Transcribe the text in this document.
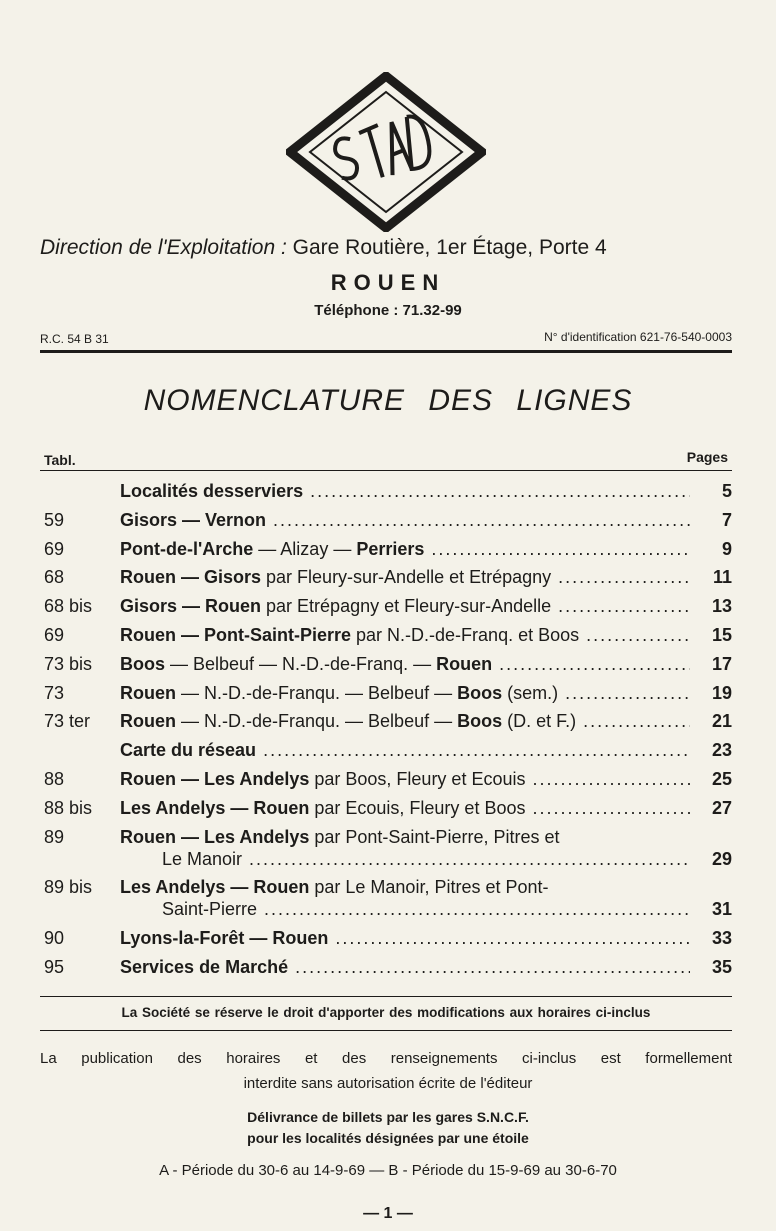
Direction de l'Exploitation : Gare Routière, 1er Étage, Porte 4
ROUEN
Téléphone : 71.32-99
R.C. 54 B 31	N° d'identification 621-76-540-0003
NOMENCLATURE DES LIGNES
Tabl.	Pages
Localités desserviers .....	5
59	Gisors — Vernon .....	7
69	Pont-de-l'Arche — Alizay — Perriers .....	9
68	Rouen — Gisors par Fleury-sur-Andelle et Etrépagny .....	11
68 bis	Gisors — Rouen par Etrépagny et Fleury-sur-Andelle .....	13
69	Rouen — Pont-Saint-Pierre par N.-D.-de-Franq. et Boos .....	15
73 bis	Boos — Belbeuf — N.-D.-de-Franq. — Rouen .....	17
73	Rouen — N.-D.-de-Franqu. — Belbeuf — Boos (sem.) .....	19
73 ter	Rouen — N.-D.-de-Franqu. — Belbeuf — Boos (D. et F.) .....	21
Carte du réseau .....	23
88	Rouen — Les Andelys par Boos, Fleury et Ecouis .....	25
88 bis	Les Andelys — Rouen par Ecouis, Fleury et Boos .....	27
89	Rouen — Les Andelys par Pont-Saint-Pierre, Pitres et
Le Manoir .....	29
89 bis	Les Andelys — Rouen par Le Manoir, Pitres et Pont-
Saint-Pierre .....	31
90	Lyons-la-Forêt — Rouen .....	33
95	Services de Marché .....	35
La Société se réserve le droit d'apporter des modifications aux horaires ci-inclus
La publication des horaires et des renseignements ci-inclus est formellement
interdite sans autorisation écrite de l'éditeur
Délivrance de billets par les gares S.N.C.F.
pour les localités désignées par une étoile
A - Période du 30-6 au 14-9-69 — B - Période du 15-9-69 au 30-6-70
— 1 —
